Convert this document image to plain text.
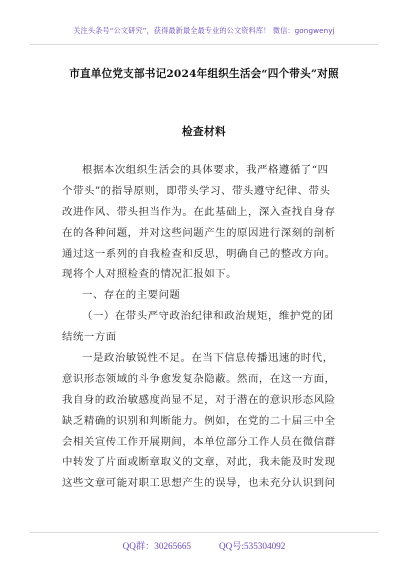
关注头条号“公文研究”，获得最新最全最专业的公文资料库！ 微信：gongwenyj
市直单位党支部书记2024年组织生活会“四个带头”对照
检查材料
根据本次组织生活会的具体要求，我严格遵循了“四
个带头”的指导原则，即带头学习、带头遵守纪律、带头
改进作风、带头担当作为。在此基础上，深入查找自身存
在的各种问题，并对这些问题产生的原因进行深刻的剖析
通过这一系列的自我检查和反思，明确自己的整改方向。
现将个人对照检查的情况汇报如下。
一、存在的主要问题
（一）在带头严守政治纪律和政治规矩，维护党的团
结统一方面
一是政治敏锐性不足。在当下信息传播迅速的时代，
意识形态领域的斗争愈发复杂隐蔽。然而，在这一方面，
我自身的政治敏感度尚显不足，对于潜在的意识形态风险
缺乏精确的识别和判断能力。例如，在党的二十届三中全
会相关宣传工作开展期间，本单位部分工作人员在微信群
中转发了片面或断章取义的文章，对此，我未能及时发现
这些文章可能对职工思想产生的误导，也未充分认识到问
QQ群：30265665	QQ号:535304092
